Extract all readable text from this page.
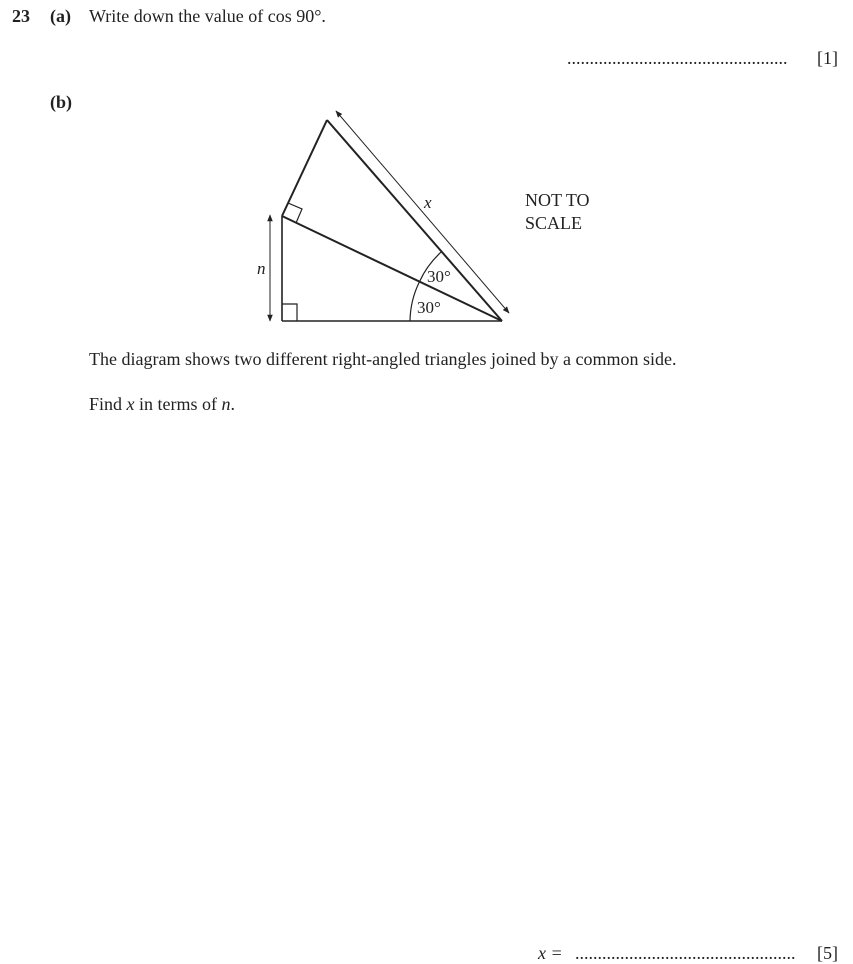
23 (a) Write down the value of cos 90°.
................................................. [1]
(b)
x
n	30°
30°
NOT TO
SCALE
The diagram shows two different right-angled triangles joined by a common side.
Find x in terms of n.
x = ................................................. [5]
